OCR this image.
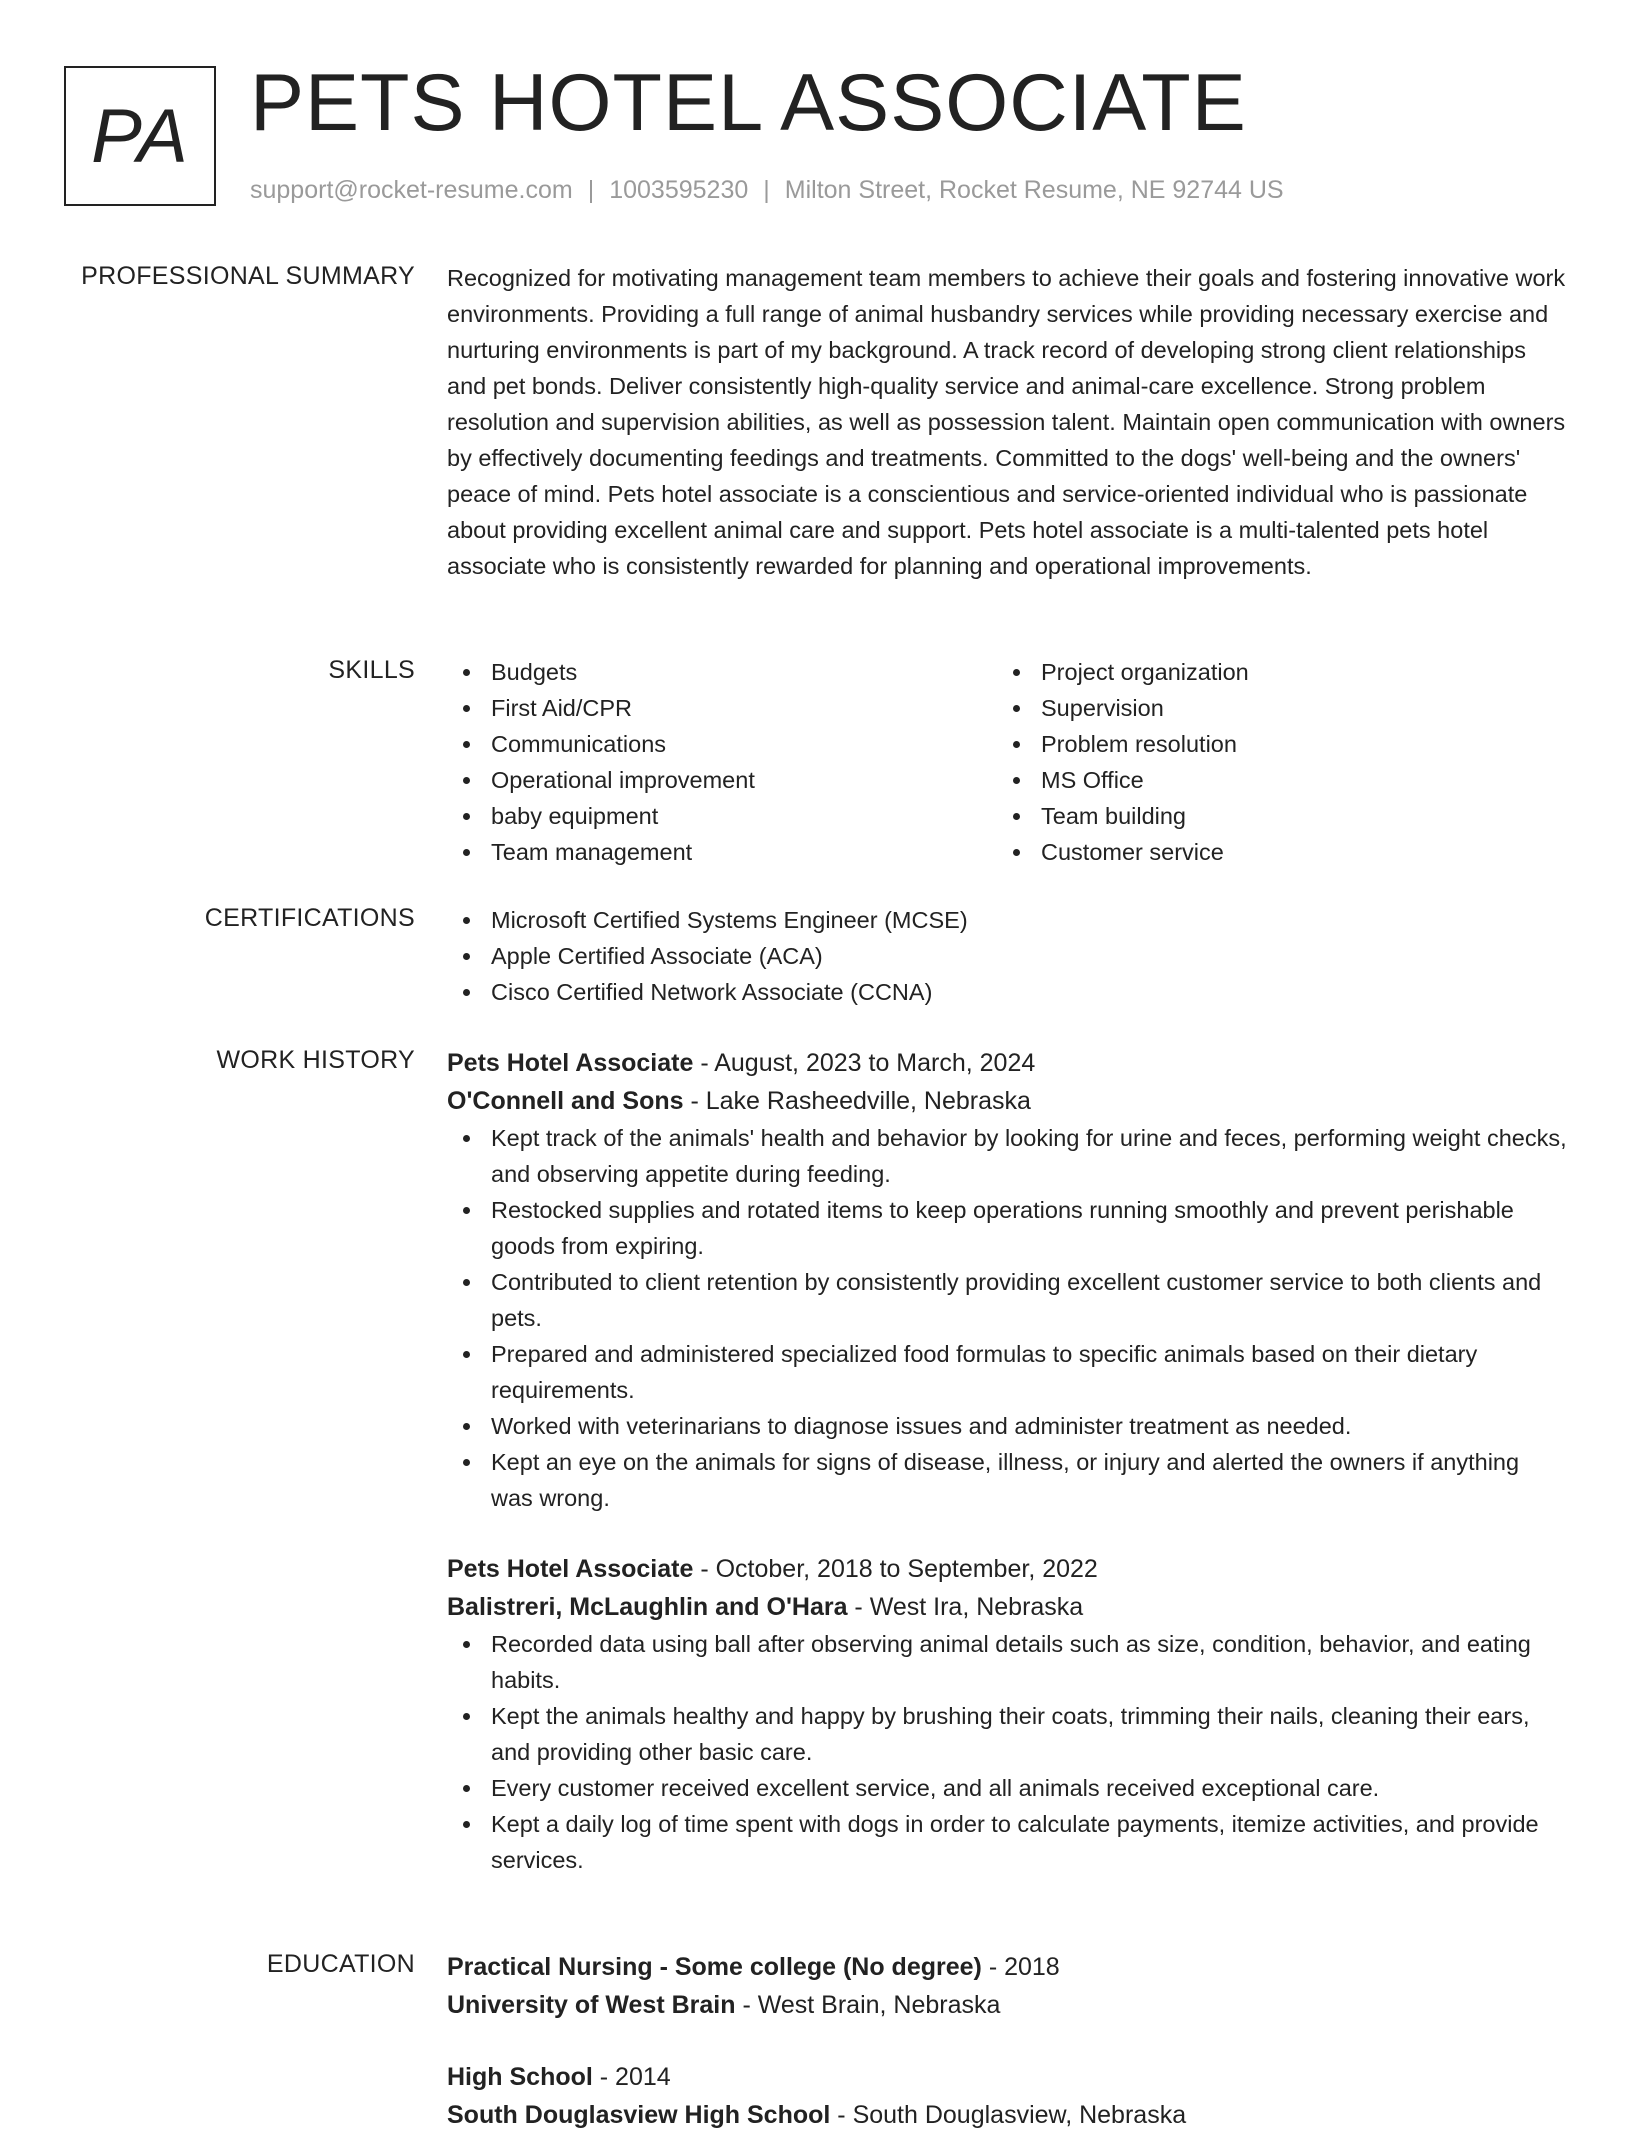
PA PETS HOTEL ASSOCIATE
support@rocket-resume.com | 1003595230 | Milton Street, Rocket Resume, NE 92744 US
PROFESSIONAL SUMMARY Recognized for motivating management team members to achieve their goals and fostering innovative work environments. Providing a full range of animal husbandry services while providing necessary exercise and nurturing environments is part of my background. A track record of developing strong client relationships and pet bonds. Deliver consistently high-quality service and animal-care excellence. Strong problem resolution and supervision abilities, as well as possession talent. Maintain open communication with owners by effectively documenting feedings and treatments. Committed to the dogs' well-being and the owners' peace of mind. Pets hotel associate is a conscientious and service-oriented individual who is passionate about providing excellent animal care and support. Pets hotel associate is a multi-talented pets hotel associate who is consistently rewarded for planning and operational improvements.

SKILLS	Budgets
First Aid/CPR
Communications
Operational improvement
baby equipment
Team management
Project organization
Supervision
Problem resolution
MS Office
Team building
Customer service
CERTIFICATIONS	Microsoft Certified Systems Engineer (MCSE)
Apple Certified Associate (ACA)
Cisco Certified Network Associate (CCNA)
WORK HISTORY Pets Hotel Associate - August, 2023 to March, 2024
O'Connell and Sons - Lake Rasheedville, Nebraska
Kept track of the animals' health and behavior by looking for urine and feces, performing weight checks, and observing appetite during feeding.
Restocked supplies and rotated items to keep operations running smoothly and prevent perishable goods from expiring.
Contributed to client retention by consistently providing excellent customer service to both clients and pets.
Prepared and administered specialized food formulas to specific animals based on their dietary requirements.
Worked with veterinarians to diagnose issues and administer treatment as needed.
Kept an eye on the animals for signs of disease, illness, or injury and alerted the owners if anything was wrong.
Pets Hotel Associate - October, 2018 to September, 2022
Balistreri, McLaughlin and O'Hara - West Ira, Nebraska
Recorded data using ball after observing animal details such as size, condition, behavior, and eating habits.
Kept the animals healthy and happy by brushing their coats, trimming their nails, cleaning their ears, and providing other basic care.
Every customer received excellent service, and all animals received exceptional care.
Kept a daily log of time spent with dogs in order to calculate payments, itemize activities, and provide services.
EDUCATION Practical Nursing - Some college (No degree) - 2018
University of West Brain - West Brain, Nebraska
High School - 2014
South Douglasview High School - South Douglasview, Nebraska
